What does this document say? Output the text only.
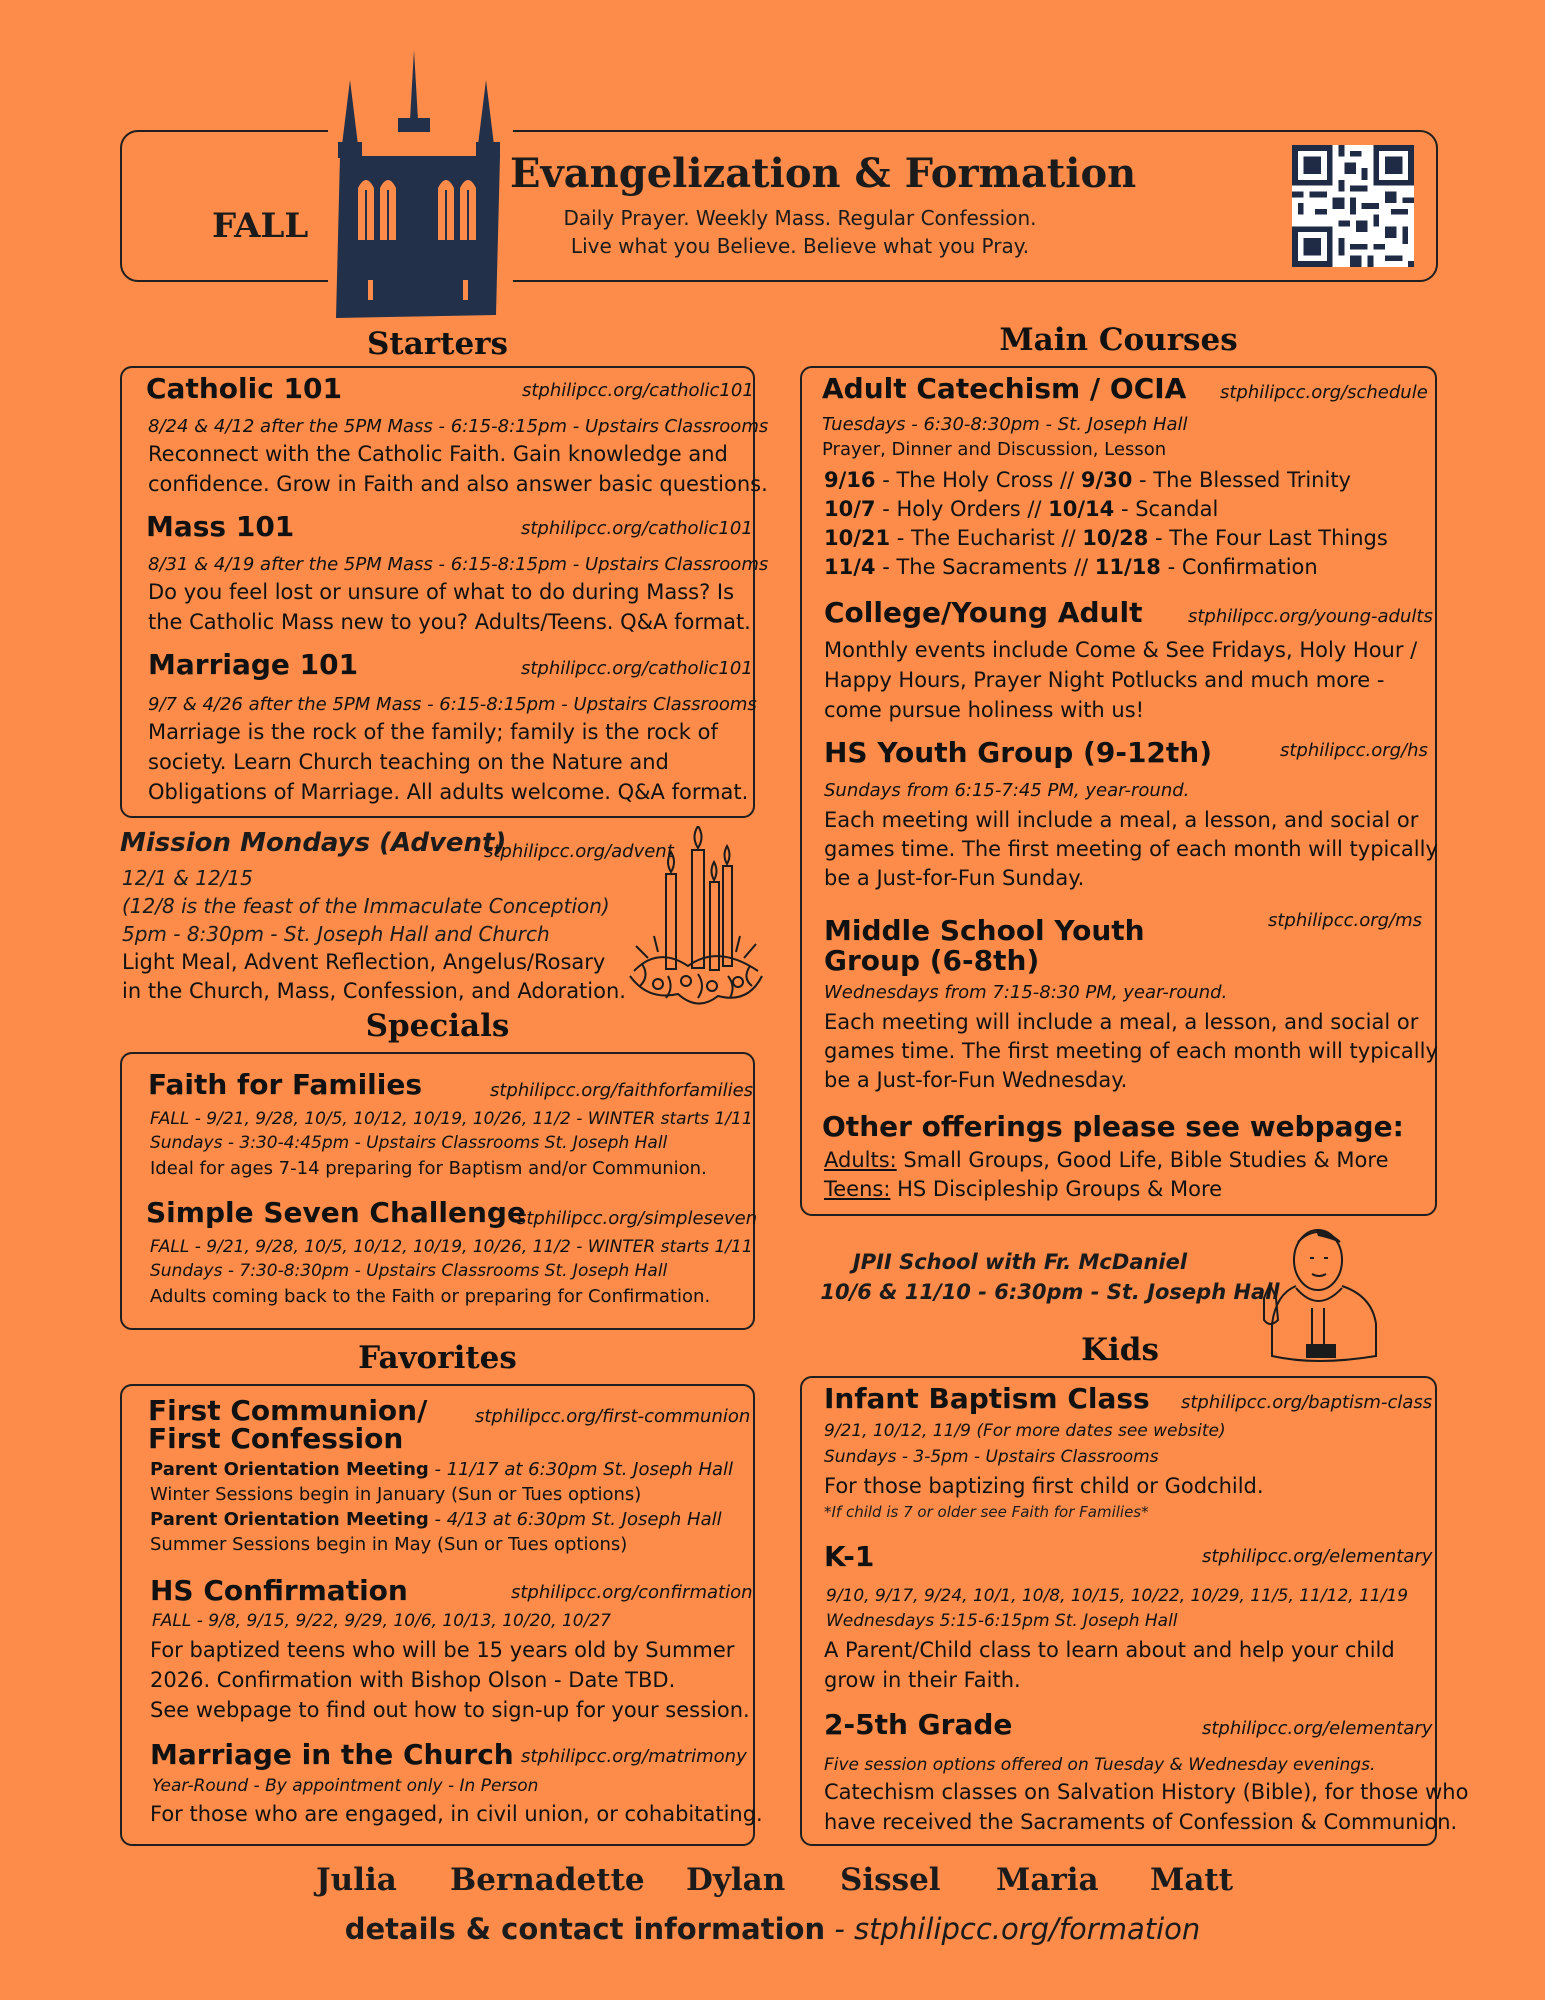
FALL
Evangelization & Formation
Daily Prayer. Weekly Mass. Regular Confession.
Live what you Believe. Believe what you Pray.
Starters
Catholic 101	stphilipcc.org/catholic101
8/24 & 4/12 after the 5PM Mass - 6:15-8:15pm - Upstairs Classrooms
Reconnect with the Catholic Faith. Gain knowledge and
confidence. Grow in Faith and also answer basic questions.
Mass 101	stphilipcc.org/catholic101
8/31 & 4/19 after the 5PM Mass - 6:15-8:15pm - Upstairs Classrooms
Do you feel lost or unsure of what to do during Mass? Is
the Catholic Mass new to you? Adults/Teens. Q&A format.
Marriage 101	stphilipcc.org/catholic101
9/7 & 4/26 after the 5PM Mass - 6:15-8:15pm - Upstairs Classrooms
Marriage is the rock of the family; family is the rock of
society. Learn Church teaching on the Nature and
Obligations of Marriage. All adults welcome. Q&A format.
Mission Mondays (Advent)
stphilipcc.org/advent
12/1 & 12/15
(12/8 is the feast of the Immaculate Conception)
5pm - 8:30pm - St. Joseph Hall and Church
Light Meal, Advent Reflection, Angelus/Rosary
in the Church, Mass, Confession, and Adoration.
Specials
Faith for Families	stphilipcc.org/faithforfamilies
FALL - 9/21, 9/28, 10/5, 10/12, 10/19, 10/26, 11/2 - WINTER starts 1/11
Sundays - 3:30-4:45pm - Upstairs Classrooms St. Joseph Hall
Ideal for ages 7-14 preparing for Baptism and/or Communion.
Simple Seven Challenge
stphilipcc.org/simpleseven
FALL - 9/21, 9/28, 10/5, 10/12, 10/19, 10/26, 11/2 - WINTER starts 1/11
Sundays - 7:30-8:30pm - Upstairs Classrooms St. Joseph Hall
Adults coming back to the Faith or preparing for Confirmation.
Favorites
First Communion/
First Confession
stphilipcc.org/first-communion
Parent Orientation Meeting - 11/17 at 6:30pm St. Joseph Hall
Winter Sessions begin in January (Sun or Tues options)
Parent Orientation Meeting - 4/13 at 6:30pm St. Joseph Hall
Summer Sessions begin in May (Sun or Tues options)
HS Confirmation	stphilipcc.org/confirmation
FALL - 9/8, 9/15, 9/22, 9/29, 10/6, 10/13, 10/20, 10/27
For baptized teens who will be 15 years old by Summer
2026. Confirmation with Bishop Olson - Date TBD.
See webpage to find out how to sign-up for your session.
Marriage in the Church stphilipcc.org/matrimony
Year-Round - By appointment only - In Person
For those who are engaged, in civil union, or cohabitating.
Main Courses
Adult Catechism / OCIA stphilipcc.org/schedule
Tuesdays - 6:30-8:30pm - St. Joseph Hall
Prayer, Dinner and Discussion, Lesson
9/16 - The Holy Cross // 9/30 - The Blessed Trinity
10/7 - Holy Orders // 10/14 - Scandal
10/21 - The Eucharist // 10/28 - The Four Last Things
11/4 - The Sacraments // 11/18 - Confirmation
College/Young Adult	stphilipcc.org/young-adults
Monthly events include Come & See Fridays, Holy Hour /
Happy Hours, Prayer Night Potlucks and much more -
come pursue holiness with us!
HS Youth Group (9-12th)	stphilipcc.org/hs
Sundays from 6:15-7:45 PM, year-round.
Each meeting will include a meal, a lesson, and social or
games time. The first meeting of each month will typically
be a Just-for-Fun Sunday.
Middle School Youth
Group (6-8th)
stphilipcc.org/ms
Wednesdays from 7:15-8:30 PM, year-round.
Each meeting will include a meal, a lesson, and social or
games time. The first meeting of each month will typically
be a Just-for-Fun Wednesday.
Other offerings please see webpage:
Adults: Small Groups, Good Life, Bible Studies & More
Teens: HS Discipleship Groups & More
JPII School with Fr. McDaniel
10/6 & 11/10 - 6:30pm - St. Joseph Hall
Kids
Infant Baptism Class stphilipcc.org/baptism-class
9/21, 10/12, 11/9 (For more dates see website)
Sundays - 3-5pm - Upstairs Classrooms
For those baptizing first child or Godchild.
*If child is 7 or older see Faith for Families*
K-1	stphilipcc.org/elementary
9/10, 9/17, 9/24, 10/1, 10/8, 10/15, 10/22, 10/29, 11/5, 11/12, 11/19
Wednesdays 5:15-6:15pm St. Joseph Hall
A Parent/Child class to learn about and help your child
grow in their Faith.
2-5th Grade	stphilipcc.org/elementary
Five session options offered on Tuesday & Wednesday evenings.
Catechism classes on Salvation History (Bible), for those who
have received the Sacraments of Confession & Communion.
Julia Bernadette Dylan Sissel Maria Matt
details & contact information - stphilipcc.org/formation
